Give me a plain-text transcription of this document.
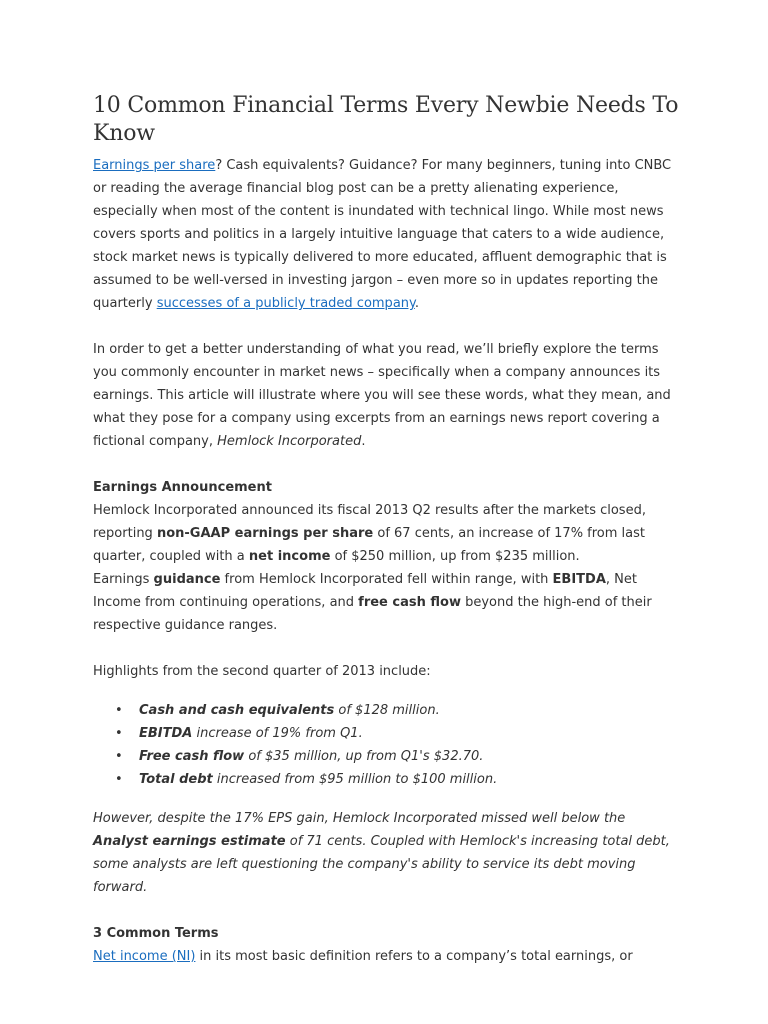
10 Common Financial Terms Every Newbie Needs To Know

Earnings per share? Cash equivalents? Guidance? For many beginners, tuning into CNBC or reading the average financial blog post can be a pretty alienating experience, especially when most of the content is inundated with technical lingo. While most news covers sports and politics in a largely intuitive language that caters to a wide audience, stock market news is typically delivered to more educated, affluent demographic that is assumed to be well-versed in investing jargon – even more so in updates reporting the quarterly successes of a publicly traded company.

In order to get a better understanding of what you read, we’ll briefly explore the terms you commonly encounter in market news – specifically when a company announces its earnings. This article will illustrate where you will see these words, what they mean, and what they pose for a company using excerpts from an earnings news report covering a fictional company, Hemlock Incorporated.

Earnings Announcement

Hemlock Incorporated announced its fiscal 2013 Q2 results after the markets closed, reporting non-GAAP earnings per share of 67 cents, an increase of 17% from last quarter, coupled with a net income of $250 million, up from $235 million.

Earnings guidance from Hemlock Incorporated fell within range, with EBITDA, Net Income from continuing operations, and free cash flow beyond the high-end of their respective guidance ranges.

Highlights from the second quarter of 2013 include:

• Cash and cash equivalents of $128 million.
• EBITDA increase of 19% from Q1.
• Free cash flow of $35 million, up from Q1's $32.70.
• Total debt increased from $95 million to $100 million.

However, despite the 17% EPS gain, Hemlock Incorporated missed well below the Analyst earnings estimate of 71 cents. Coupled with Hemlock's increasing total debt, some analysts are left questioning the company's ability to service its debt moving forward.

3 Common Terms

Net income (NI) in its most basic definition refers to a company’s total earnings, or
